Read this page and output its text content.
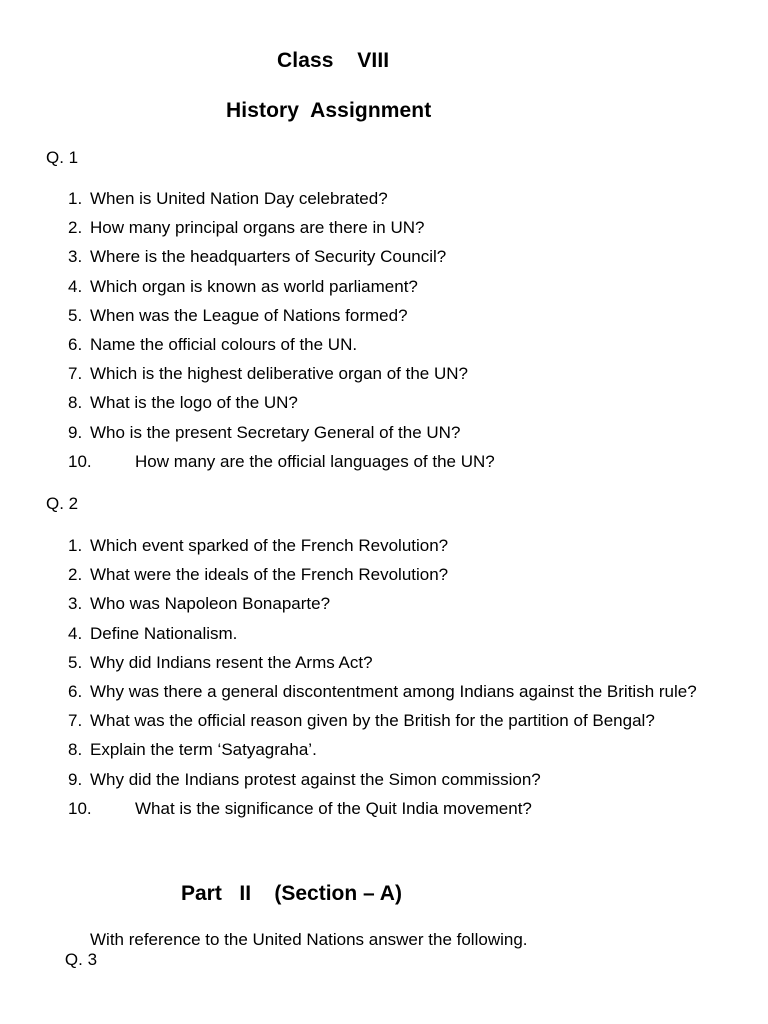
Class    VIII
History  Assignment
Q. 1
1. When is United Nation Day celebrated?
2. How many principal organs are there in UN?
3. Where is the headquarters of Security Council?
4. Which organ is known as world parliament?
5. When was the League of Nations formed?
6. Name the official colours of the UN.
7. Which is the highest deliberative organ of the UN?
8. What is the logo of the UN?
9. Who is the present Secretary General of the UN?
10.	How many are the official languages of the UN?
Q. 2
1. Which event sparked of the French Revolution?
2. What were the ideals of the French Revolution?
3. Who was Napoleon Bonaparte?
4. Define Nationalism.
5. Why did Indians resent the Arms Act?
6. Why was there a general discontentment among Indians against the British rule?
7. What was the official reason given by the British for the partition of Bengal?
8. Explain the term ‘Satyagraha’.
9. Why did the Indians protest against the Simon commission?
10.	What is the significance of the Quit India movement?
Part   II    (Section – A)

Q. 3

With reference to the United Nations answer the following.
